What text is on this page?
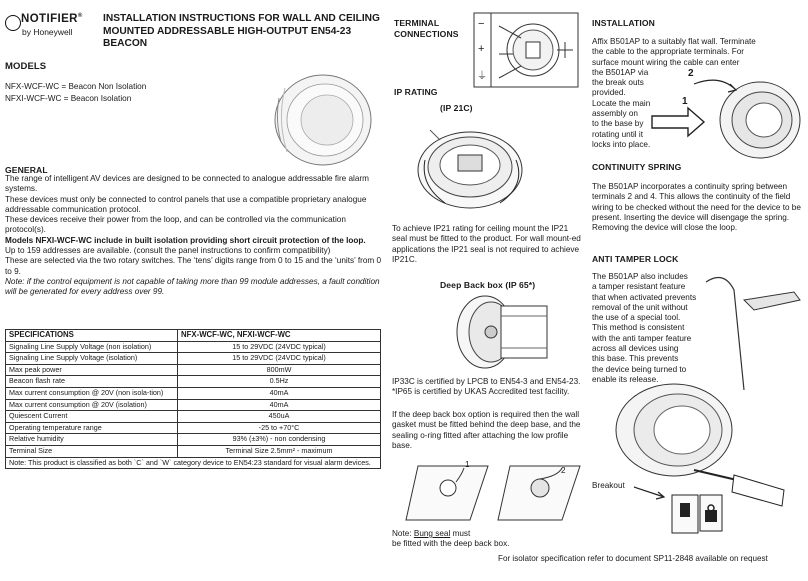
NOTIFIER®
by Honeywell
INSTALLATION INSTRUCTIONS FOR WALL AND CEILING
MOUNTED ADDRESSABLE HIGH-OUTPUT EN54-23 BEACON
MODELS
NFX-WCF-WC = Beacon Non Isolation
NFXI-WCF-WC = Beacon Isolation
GENERAL
The range of intelligent AV devices are designed to be connected to analogue addressable fire alarm systems.
These devices must only be connected to control panels that use a compatible proprietary analogue addressable communication protocol.
These devices receive their power from the loop, and can be controlled via the communication protocol(s).
Models NFXI-WCF-WC include in built isolation providing short circuit protection of the loop.
Up to 159 addresses are available. (consult the panel instructions to confirm compatibility)
These are selected via the two rotary switches. The ‘tens’ digits range from 0 to 15 and the ‘units’ from 0 to 9.
Note: if the control equipment is not capable of taking more than 99 module addresses, a fault condition will be generated for every address over 99.
SPECIFICATIONS	NFX-WCF-WC, NFXI-WCF-WC
Signaling Line Supply Voltage (non isolation)	15 to 29VDC (24VDC typical)
Signaling Line Supply Voltage (isolation)	15 to 29VDC (24VDC typical)
Max peak power	800mW
Beacon flash rate	0.5Hz
Max current consumption @ 20V (non isola-tion)	40mA
Max current consumption @ 20V (isolation)	40mA
Quiescent Current	450uA
Operating temperature range	-25 to +70°C
Relative humidity	93% (±3%) - non condensing
Terminal Size	Terminal Size 2.5mm² - maximum
Note: This product is classified as both `C` and `W` category device to EN54:23 standard for visual alarm devices.	
TERMINAL
CONNECTIONS
−
+
⏚
IP RATING
(IP 21C)
To achieve IP21 rating for ceiling mount the IP21 seal must be fitted to the product. For wall mount-ed applications the IP21 seal is not required to achieve IP21C.
Deep Back box (IP 65*)
IP33C is certified by LPCB to EN54-3 and EN54-23. *IP65 is certified by UKAS Accredited test facility.
If the deep back box option is required then the wall gasket must be fitted behind the deep base, and the sealing o-ring fitted after attaching the low profile base.
1
2
Note: Bung seal must
be fitted with the deep back box.
INSTALLATION
Affix B501AP to a suitably flat wall. Terminate
the cable to the appropriate terminals. For
surface mount wiring the cable can enter
the B501AP via
the break outs
provided.
Locate the main
assembly on
to the base by
rotating until it
locks into place.
1
2
CONTINUITY SPRING
The B501AP incorporates a continuity spring between terminals 2 and 4. This allows the continuity of the field wiring to be checked without the need for the device to be present. Inserting the device will disengage the spring. Removing the device will close the loop.
ANTI TAMPER LOCK
The B501AP also includes
a tamper resistant feature
that when activated prevents
removal of the unit without
the use of a special tool.
This method is consistent
with the anti tamper feature
across all devices using
this base. This prevents
the device being turned to
enable its release.
Breakout
For isolator specification refer to document SP11-2848 available on request
